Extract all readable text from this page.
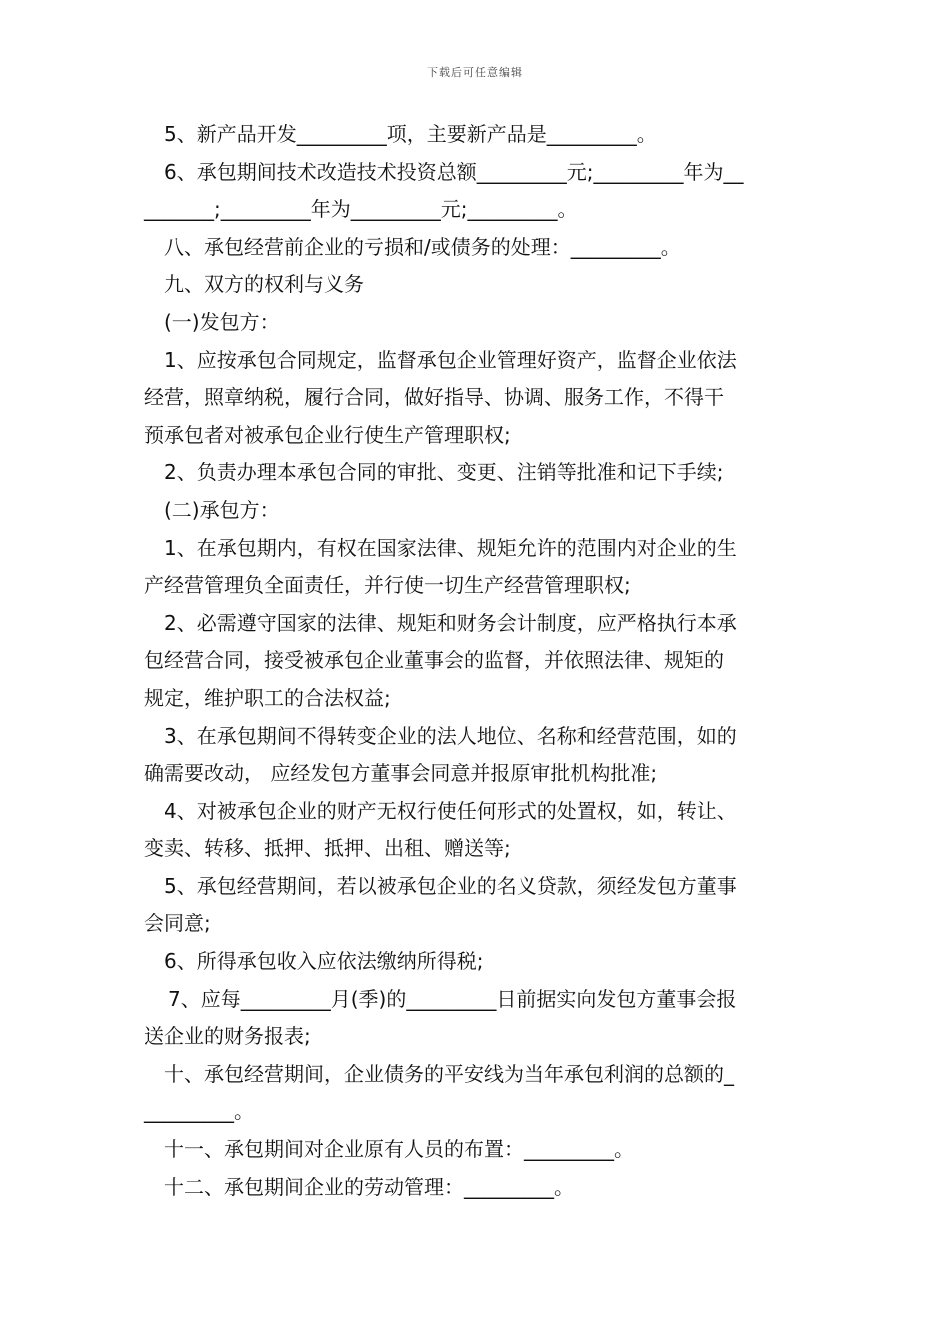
下载后可任意编辑
5、新产品开发_________项，主要新产品是_________。
6、承包期间技术改造技术投资总额_________元;_________年为__
_______;_________年为_________元;_________。
八、承包经营前企业的亏损和/或债务的处理：_________。
九、双方的权利与义务
(一)发包方：
1、应按承包合同规定，监督承包企业管理好资产，监督企业依法
经营，照章纳税，履行合同，做好指导、协调、服务工作，不得干
预承包者对被承包企业行使生产管理职权;
2、负责办理本承包合同的审批、变更、注销等批准和记下手续;
(二)承包方：
1、在承包期内，有权在国家法律、规矩允许的范围内对企业的生
产经营管理负全面责任，并行使一切生产经营管理职权;
2、必需遵守国家的法律、规矩和财务会计制度，应严格执行本承
包经营合同，接受被承包企业董事会的监督，并依照法律、规矩的
规定，维护职工的合法权益;
3、在承包期间不得转变企业的法人地位、名称和经营范围，如的
确需要改动， 应经发包方董事会同意并报原审批机构批准;
4、对被承包企业的财产无权行使任何形式的处置权，如，转让、
变卖、转移、抵押、抵押、出租、赠送等;
5、承包经营期间，若以被承包企业的名义贷款，须经发包方董事
会同意;
6、所得承包收入应依法缴纳所得税;
7、应每_________月(季)的_________日前据实向发包方董事会报
送企业的财务报表;
十、承包经营期间，企业债务的平安线为当年承包利润的总额的_
_________。
十一、承包期间对企业原有人员的布置：_________。
十二、承包期间企业的劳动管理：_________。
